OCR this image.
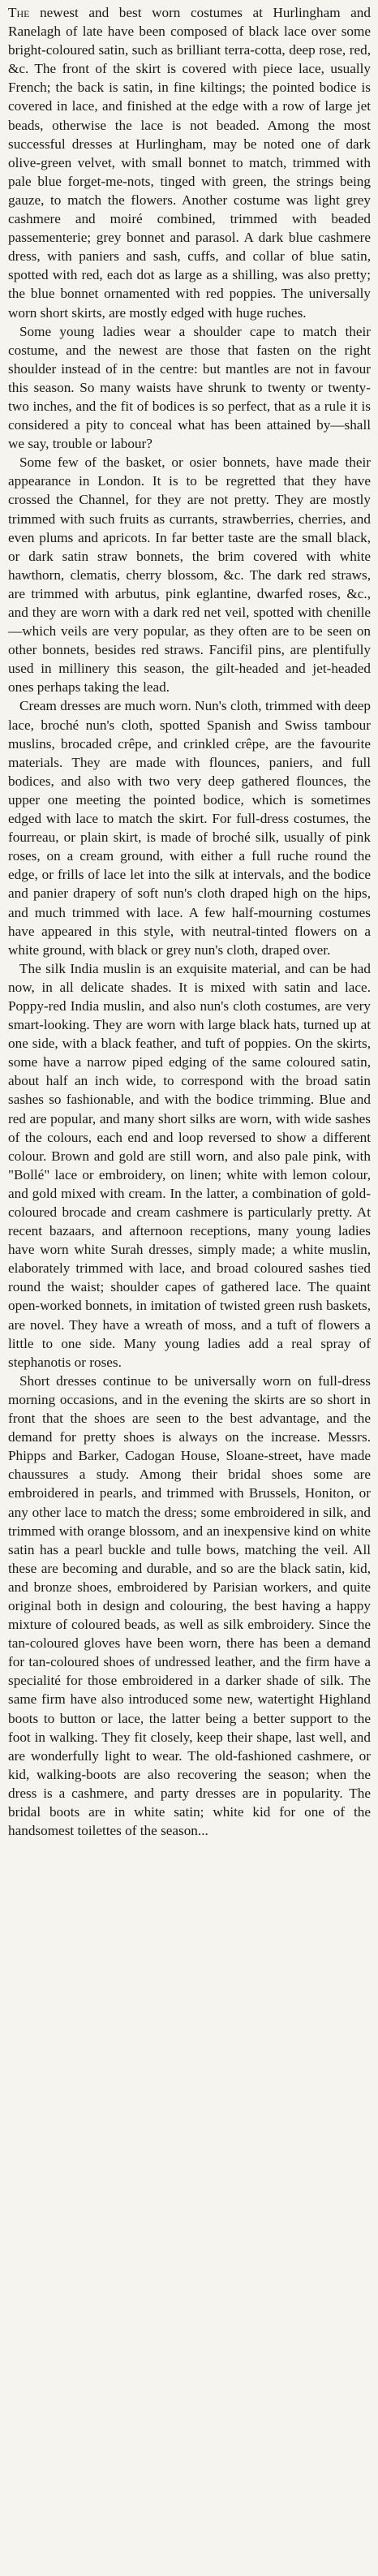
The newest and best worn costumes at Hurlingham and Ranelagh of late have been composed of black lace over some bright-coloured satin, such as brilliant terra-cotta, deep rose, red, &c. The front of the skirt is covered with piece lace, usually French; the back is satin, in fine kiltings; the pointed bodice is covered in lace, and finished at the edge with a row of large jet beads, otherwise the lace is not beaded. Among the most successful dresses at Hurlingham, may be noted one of dark olive-green velvet, with small bonnet to match, trimmed with pale blue forget-me-nots, tinged with green, the strings being gauze, to match the flowers. Another costume was light grey cashmere and moiré combined, trimmed with beaded passementerie; grey bonnet and parasol. A dark blue cashmere dress, with paniers and sash, cuffs, and collar of blue satin, spotted with red, each dot as large as a shilling, was also pretty; the blue bonnet ornamented with red poppies. The universally worn short skirts, are mostly edged with huge ruches.

Some young ladies wear a shoulder cape to match their costume, and the newest are those that fasten on the right shoulder instead of in the centre: but mantles are not in favour this season. So many waists have shrunk to twenty or twenty-two inches, and the fit of bodices is so perfect, that as a rule it is considered a pity to conceal what has been attained by—shall we say, trouble or labour?

Some few of the basket, or osier bonnets, have made their appearance in London. It is to be regretted that they have crossed the Channel, for they are not pretty. They are mostly trimmed with such fruits as currants, strawberries, cherries, and even plums and apricots. In far better taste are the small black, or dark satin straw bonnets, the brim covered with white hawthorn, clematis, cherry blossom, &c. The dark red straws, are trimmed with arbutus, pink eglantine, dwarfed roses, &c., and they are worn with a dark red net veil, spotted with chenille—which veils are very popular, as they often are to be seen on other bonnets, besides red straws. Fancifil pins, are plentifully used in millinery this season, the gilt-headed and jet-headed ones perhaps taking the lead.

Cream dresses are much worn. Nun's cloth, trimmed with deep lace, broché nun's cloth, spotted Spanish and Swiss tambour muslins, brocaded crêpe, and crinkled crêpe, are the favourite materials. They are made with flounces, paniers, and full bodices, and also with two very deep gathered flounces, the upper one meeting the pointed bodice, which is sometimes edged with lace to match the skirt. For full-dress costumes, the fourreau, or plain skirt, is made of broché silk, usually of pink roses, on a cream ground, with either a full ruche round the edge, or frills of lace let into the silk at intervals, and the bodice and panier drapery of soft nun's cloth draped high on the hips, and much trimmed with lace. A few half-mourning costumes have appeared in this style, with neutral-tinted flowers on a white ground, with black or grey nun's cloth, draped over.

The silk India muslin is an exquisite material, and can be had now, in all delicate shades. It is mixed with satin and lace. Poppy-red India muslin, and also nun's cloth costumes, are very smart-looking. They are worn with large black hats, turned up at one side, with a black feather, and tuft of poppies. On the skirts, some have a narrow piped edging of the same coloured satin, about half an inch wide, to correspond with the broad satin sashes so fashionable, and with the bodice trimming. Blue and red are popular, and many short silks are worn, with wide sashes of the colours, each end and loop reversed to show a different colour. Brown and gold are still worn, and also pale pink, with "Bollé" lace or embroidery, on linen; white with lemon colour, and gold mixed with cream. In the latter, a combination of gold-coloured brocade and cream cashmere is particularly pretty. At recent bazaars, and afternoon receptions, many young ladies have worn white Surah dresses, simply made; a white muslin, elaborately trimmed with lace, and broad coloured sashes tied round the waist; shoulder capes of gathered lace. The quaint open-worked bonnets, in imitation of twisted green rush baskets, are novel. They have a wreath of moss, and a tuft of flowers a little to one side. Many young ladies add a real spray of stephanotis or roses.

Short dresses continue to be universally worn on full-dress morning occasions, and in the evening the skirts are so short in front that the shoes are seen to the best advantage, and the demand for pretty shoes is always on the increase. Messrs. Phipps and Barker, Cadogan House, Sloane-street, have made chaussures a study. Among their bridal shoes some are embroidered in pearls, and trimmed with Brussels, Honiton, or any other lace to match the dress; some embroidered in silk, and trimmed with orange blossom, and an inexpensive kind on white satin has a pearl buckle and tulle bows, matching the veil. All these are becoming and durable, and so are the black satin, kid, and bronze shoes, embroidered by Parisian workers, and quite original both in design and colouring, the best having a happy mixture of coloured beads, as well as silk embroidery. Since the tan-coloured gloves have been worn, there has been a demand for tan-coloured shoes of undressed leather, and the firm have a specialité for those embroidered in a darker shade of silk. The same firm have also introduced some new, watertight Highland boots to button or lace, the latter being a better support to the foot in walking. They fit closely, keep their shape, last well, and are wonderfully light to wear. The old-fashioned cashmere, or kid, walking-boots are also recovering the season; when the dress is a cashmere, and party dresses are in popularity. The bridal boots are in white satin; white kid for one of the handsomest toilettes of the season...
